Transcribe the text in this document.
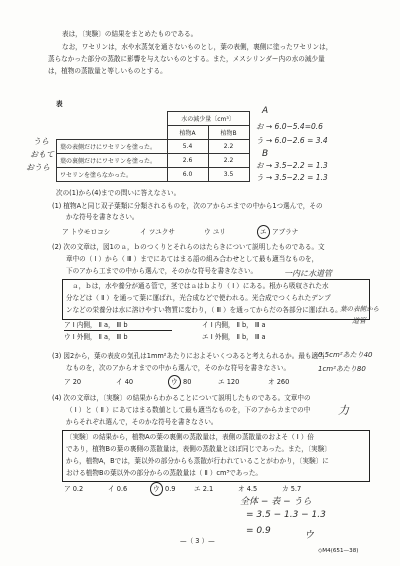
表は，〔実験〕の結果をまとめたものである。
なお，ワセリンは，水や水蒸気を通さないものとし，葉の表側，裏側に塗ったワセリンは，
蒸らなかった部分の蒸散に影響を与えないものとする。また，メスシリンダー内の水の減少量
は，植物の蒸散量と等しいものとする。
表
	水の減少量〔cm³〕	
	植物A	植物B
葉の表側だけにワセリンを塗った。	5.4	2.2
葉の裏側だけにワセリンを塗った。	2.6	2.2
ワセリンを塗らなかった。	6.0	3.5
うら
おもて
おうら
A
お → 6.0−5.4=0.6
う → 6.0−2.6 = 3.4
B
お → 3.5−2.2 = 1.3
う → 3.5−2.2 = 1.3
次の(1)から(4)までの問いに答えなさい。
(1) 植物Aと同じ双子葉類に分類されるものを，次のアからエまでの中から1つ選んで，その
かな符号を書きなさい。
ア トウモロコシ	イ ツユクサ	ウ ユリ	エ アブラナ
(2) 次の文章は，図1のａ，ｂのつくりとそれらのはたらきについて説明したものである。文
章中の（ Ⅰ ）から（ Ⅲ ）までにあてはまる語の組み合わせとして最も適当なものを，
下のアから工までの中から選んで，そのかな符号を書きなさい。
ａ，ｂは，水や養分が通る管で，茎ではａはｂより（ Ⅰ ）にある。根から吸収された水
分などは（ Ⅱ ）を通って葉に運ばれ，光合成などで使われる。光合成でつくられたデンプ
ンなどの栄養分は水に溶けやすい物質に変わり，（ Ⅲ ）を通ってからだの各部分に運ばれる。
ア Ⅰ 内側， Ⅱ a， Ⅲ b	イ Ⅰ 内側， Ⅱ b， Ⅲ a
ウ Ⅰ 外側， Ⅱ a， Ⅲ b	エ Ⅰ 外側， Ⅱ b， Ⅲ a
一内に水道管
葉の表側から
道管
(3) 図2から，葉の表皮の気孔は1mm²あたりにおよそいくつあると考えられるか。最も適当
なものを，次のアからオまでの中から選んで，そのかな符号を書きなさい。
ア 20	イ 40	ウ 80	エ 120	オ 260
0.5cm²あたり40
1cm²あたり80
(4) 次の文章は，〔実験〕の結果からわかることについて説明したものである。文章中の
（ Ⅰ ）と（ Ⅱ ）にあてはまる数値として最も適当なものを，下のアからカまでの中
からそれぞれ選んで，そのかな符号を書きなさい。
力
〔実験〕の結果から，植物Aの葉の裏側の蒸散量は，表側の蒸散量のおよそ（ Ⅰ ）倍
であり，植物Bの葉の裏側の蒸散量は，表側の蒸散量とほぼ同じであった。また，〔実験〕
から，植物A，Bでは，葉以外の部分からも蒸散が行われていることがわかり，〔実験〕に
おける植物Bの葉以外の部分からの蒸散量は（ Ⅱ ）cm³であった。
ア 0.2	イ 0.6	ウ 0.9	エ 2.1	オ 4.5	カ 5.7
全体 − 表 − うら
= 3.5 − 1.3 − 1.3
= 0.9	ウ
—（ 3 ）—
◇M4(651—38)
